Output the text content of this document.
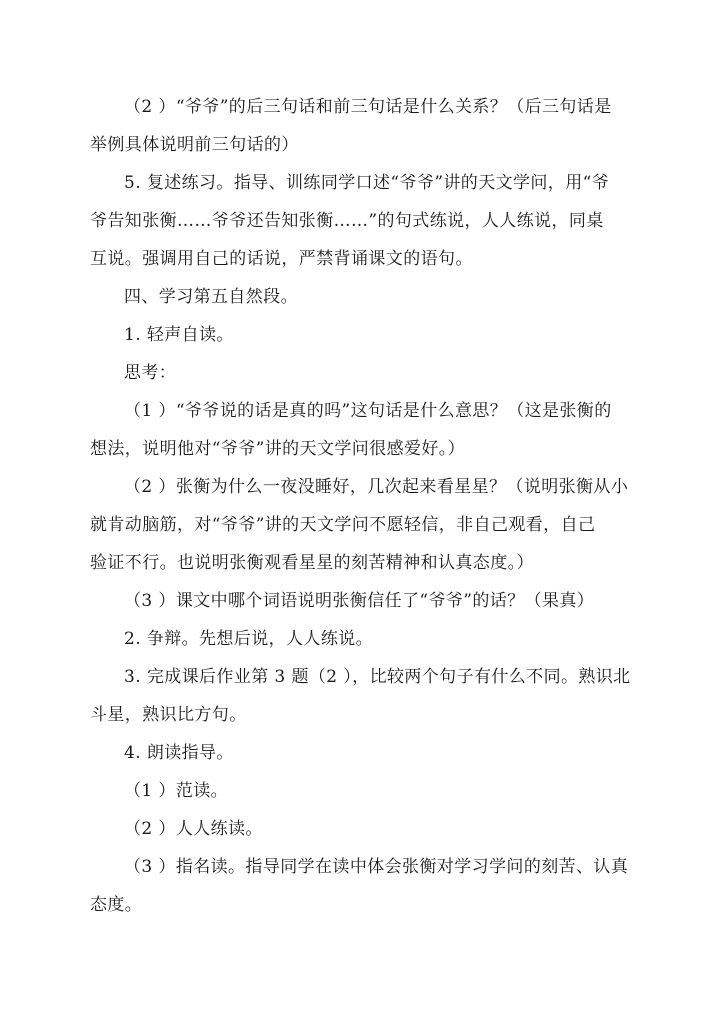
（2 ）“爷爷”的后三句话和前三句话是什么关系？（后三句话是
举例具体说明前三句话的）
5. 复述练习。指导、训练同学口述“爷爷”讲的天文学问，用“爷
爷告知张衡……爷爷还告知张衡……”的句式练说，人人练说，同桌
互说。强调用自己的话说，严禁背诵课文的语句。
四、学习第五自然段。
1. 轻声自读。
思考：
（1 ）“爷爷说的话是真的吗”这句话是什么意思？（这是张衡的
想法，说明他对“爷爷”讲的天文学问很感爱好。）
（2 ）张衡为什么一夜没睡好，几次起来看星星？（说明张衡从小
就肯动脑筋，对“爷爷”讲的天文学问不愿轻信，非自己观看，自己
验证不行。也说明张衡观看星星的刻苦精神和认真态度。）
（3 ）课文中哪个词语说明张衡信任了“爷爷”的话？（果真）
2. 争辩。先想后说，人人练说。
3. 完成课后作业第 3 题（2 ），比较两个句子有什么不同。熟识北
斗星，熟识比方句。
4. 朗读指导。
（1 ）范读。
（2 ）人人练读。
（3 ）指名读。指导同学在读中体会张衡对学习学问的刻苦、认真
态度。
